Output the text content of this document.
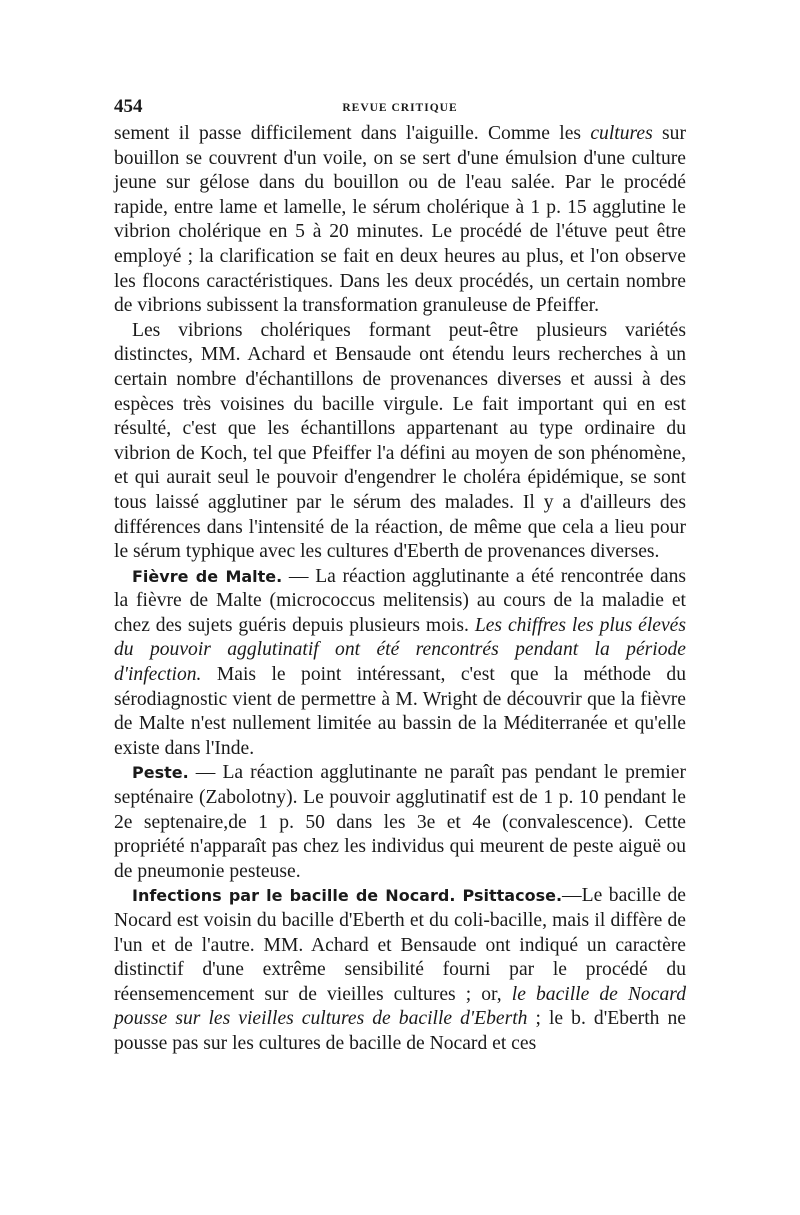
454	REVUE CRITIQUE

sement il passe difficilement dans l'aiguille. Comme les cultures sur bouillon se couvrent d'un voile, on se sert d'une émulsion d'une culture jeune sur gélose dans du bouillon ou de l'eau salée. Par le procédé rapide, entre lame et lamelle, le sérum cholérique à 1 p. 15 agglutine le vibrion cholérique en 5 à 20 minutes. Le procédé de l'étuve peut être employé ; la clarification se fait en deux heures au plus, et l'on observe les flocons caractéristiques. Dans les deux procédés, un certain nombre de vibrions subissent la transformation granuleuse de Pfeiffer.

Les vibrions cholériques formant peut-être plusieurs variétés distinctes, MM. Achard et Bensaude ont étendu leurs recherches à un certain nombre d'échantillons de provenances diverses et aussi à des espèces très voisines du bacille virgule. Le fait important qui en est résulté, c'est que les échantillons appartenant au type ordinaire du vibrion de Koch, tel que Pfeiffer l'a défini au moyen de son phénomène, et qui aurait seul le pouvoir d'engendrer le choléra épidémique, se sont tous laissé agglutiner par le sérum des malades. Il y a d'ailleurs des différences dans l'intensité de la réaction, de même que cela a lieu pour le sérum typhique avec les cultures d'Eberth de provenances diverses.

Fièvre de Malte. — La réaction agglutinante a été rencontrée dans la fièvre de Malte (micrococcus melitensis) au cours de la maladie et chez des sujets guéris depuis plusieurs mois. Les chiffres les plus élevés du pouvoir agglutinatif ont été rencontrés pendant la période d'infection. Mais le point intéressant, c'est que la méthode du sérodiagnostic vient de permettre à M. Wright de découvrir que la fièvre de Malte n'est nullement limitée au bassin de la Méditerranée et qu'elle existe dans l'Inde.

Peste. — La réaction agglutinante ne paraît pas pendant le premier septénaire (Zabolotny). Le pouvoir agglutinatif est de 1 p. 10 pendant le 2e septenaire,de 1 p. 50 dans les 3e et 4e (convalescence). Cette propriété n'apparaît pas chez les individus qui meurent de peste aiguë ou de pneumonie pesteuse.

Infections par le bacille de Nocard. Psittacose.—Le bacille de Nocard est voisin du bacille d'Eberth et du coli-bacille, mais il diffère de l'un et de l'autre. MM. Achard et Bensaude ont indiqué un caractère distinctif d'une extrême sensibilité fourni par le procédé du réensemencement sur de vieilles cultures ; or, le bacille de Nocard pousse sur les vieilles cultures de bacille d'Eberth ; le b. d'Eberth ne pousse pas sur les cultures de bacille de Nocard et ces
